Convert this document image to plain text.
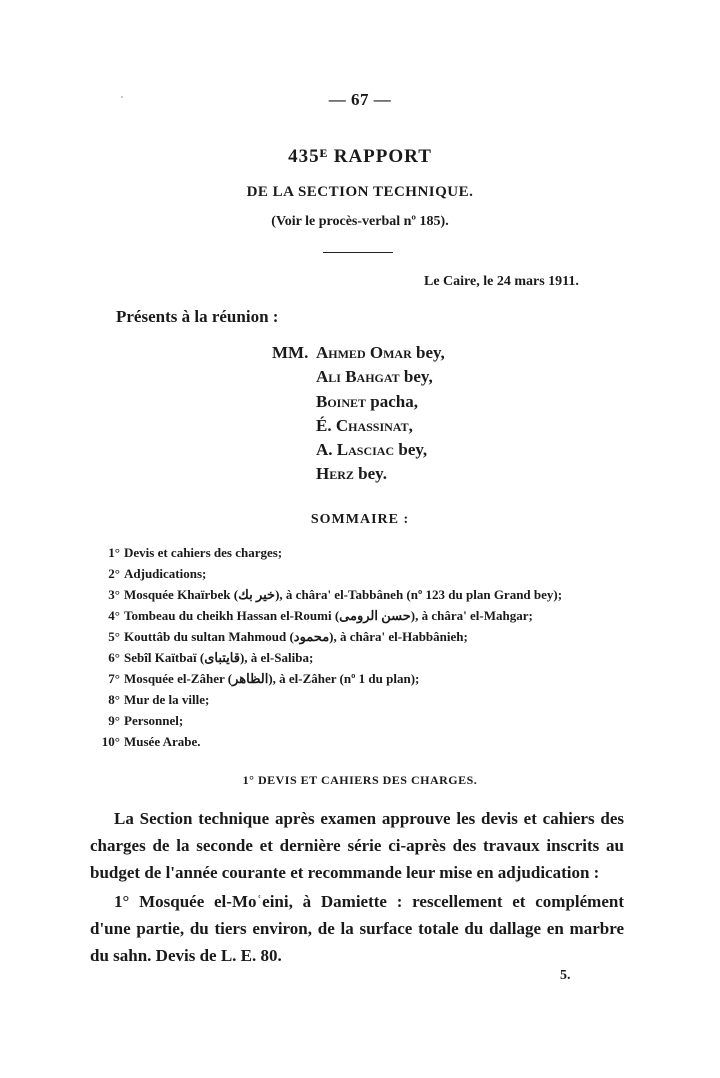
— 67 —
435ᴱ RAPPORT
DE LA SECTION TECHNIQUE.
(Voir le procès-verbal nº 185).
Le Caire, le 24 mars 1911.
Présents à la réunion :
MM. Ahmed Omar bey,
Ali Bahgat bey,
Boinet pacha,
É. Chassinat,
A. Lasciac bey,
Herz bey.
SOMMAIRE :
1° Devis et cahiers des charges;
2° Adjudications;
3° Mosquée Khaïrbek (خير بك), à châra' el-Tabbâneh (nº 123 du plan Grand bey);
4° Tombeau du cheikh Hassan el-Roumi (حسن الرومى), à châra' el-Mahgar;
5° Kouttâb du sultan Mahmoud (محمود), à châra' el-Habbânieh;
6° Sebîl Kaïtbaï (قايتباى), à el-Saliba;
7° Mosquée el-Zâher (الظاهر), à el-Zâher (nº 1 du plan);
8° Mur de la ville;
9° Personnel;
10° Musée Arabe.
1° DEVIS ET CAHIERS DES CHARGES.
La Section technique après examen approuve les devis et cahiers des charges de la seconde et dernière série ci-après des travaux inscrits au budget de l'année courante et recommande leur mise en adjudication :
1° Mosquée el-Moʿeini, à Damiette : rescellement et complément d'une partie, du tiers environ, de la surface totale du dallage en marbre du sahn. Devis de L. E. 80.
5.
